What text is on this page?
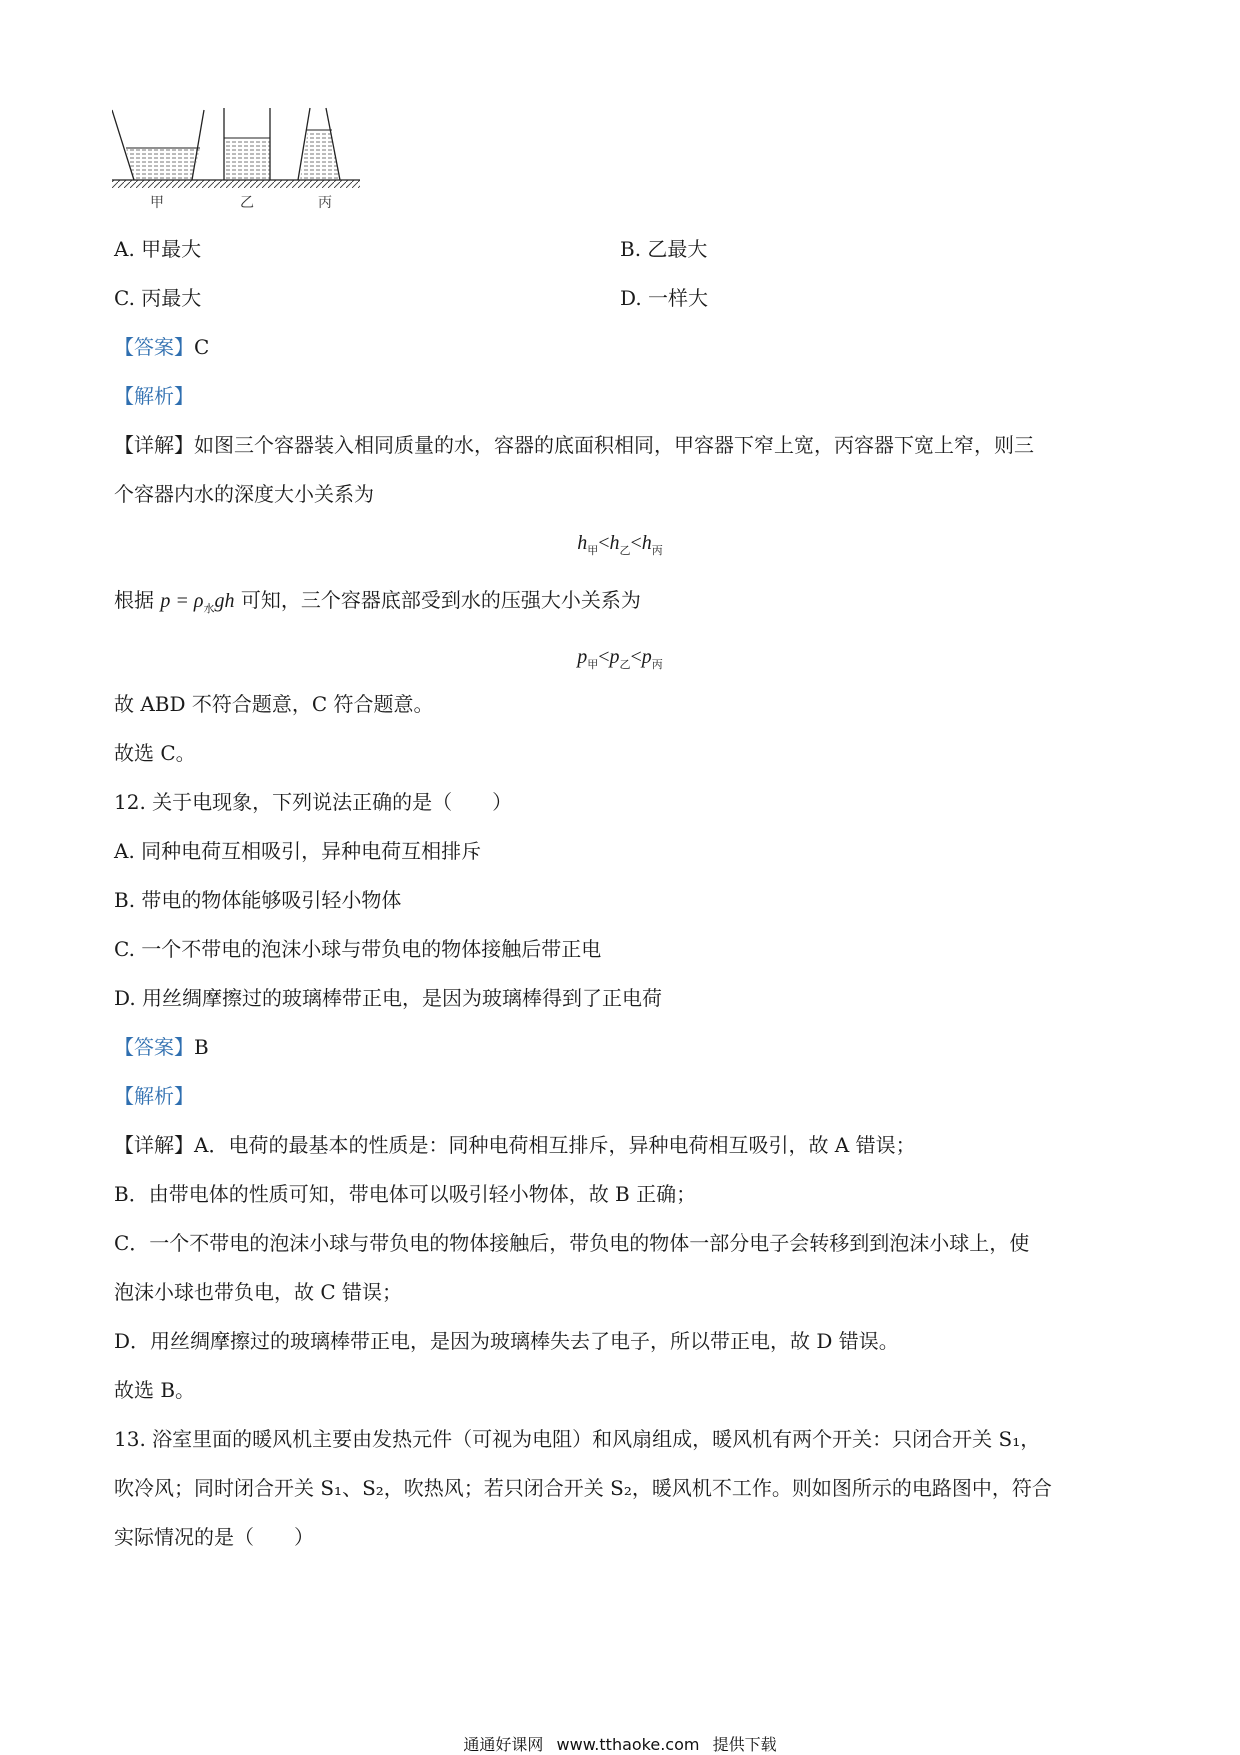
甲	乙	丙
A. 甲最大	B. 乙最大
C. 丙最大	D. 一样大
【答案】C
【解析】
【详解】如图三个容器装入相同质量的水，容器的底面积相同，甲容器下窄上宽，丙容器下宽上窄，则三
个容器内水的深度大小关系为
$h_甲<h_乙<h_丙$
根据 $p = \rho_水gh$ 可知，三个容器底部受到水的压强大小关系为
$p_甲<p_乙<p_丙$
故 ABD 不符合题意，C 符合题意。
故选 C。
12. 关于电现象，下列说法正确的是（　　）
A. 同种电荷互相吸引，异种电荷互相排斥
B. 带电的物体能够吸引轻小物体
C. 一个不带电的泡沫小球与带负电的物体接触后带正电
D. 用丝绸摩擦过的玻璃棒带正电，是因为玻璃棒得到了正电荷
【答案】B
【解析】
【详解】A．电荷的最基本的性质是：同种电荷相互排斥，异种电荷相互吸引，故 A 错误；
B．由带电体的性质可知，带电体可以吸引轻小物体，故 B 正确；
C．一个不带电的泡沫小球与带负电的物体接触后，带负电的物体一部分电子会转移到到泡沫小球上，使
泡沫小球也带负电，故 C 错误；
D．用丝绸摩擦过的玻璃棒带正电，是因为玻璃棒失去了电子，所以带正电，故 D 错误。
故选 B。
13. 浴室里面的暖风机主要由发热元件（可视为电阻）和风扇组成，暖风机有两个开关：只闭合开关 S₁，
吹冷风；同时闭合开关 S₁、S₂，吹热风；若只闭合开关 S₂，暖风机不工作。则如图所示的电路图中，符合
实际情况的是（　　）
通通好课网 www.tthaoke.com 提供下载
